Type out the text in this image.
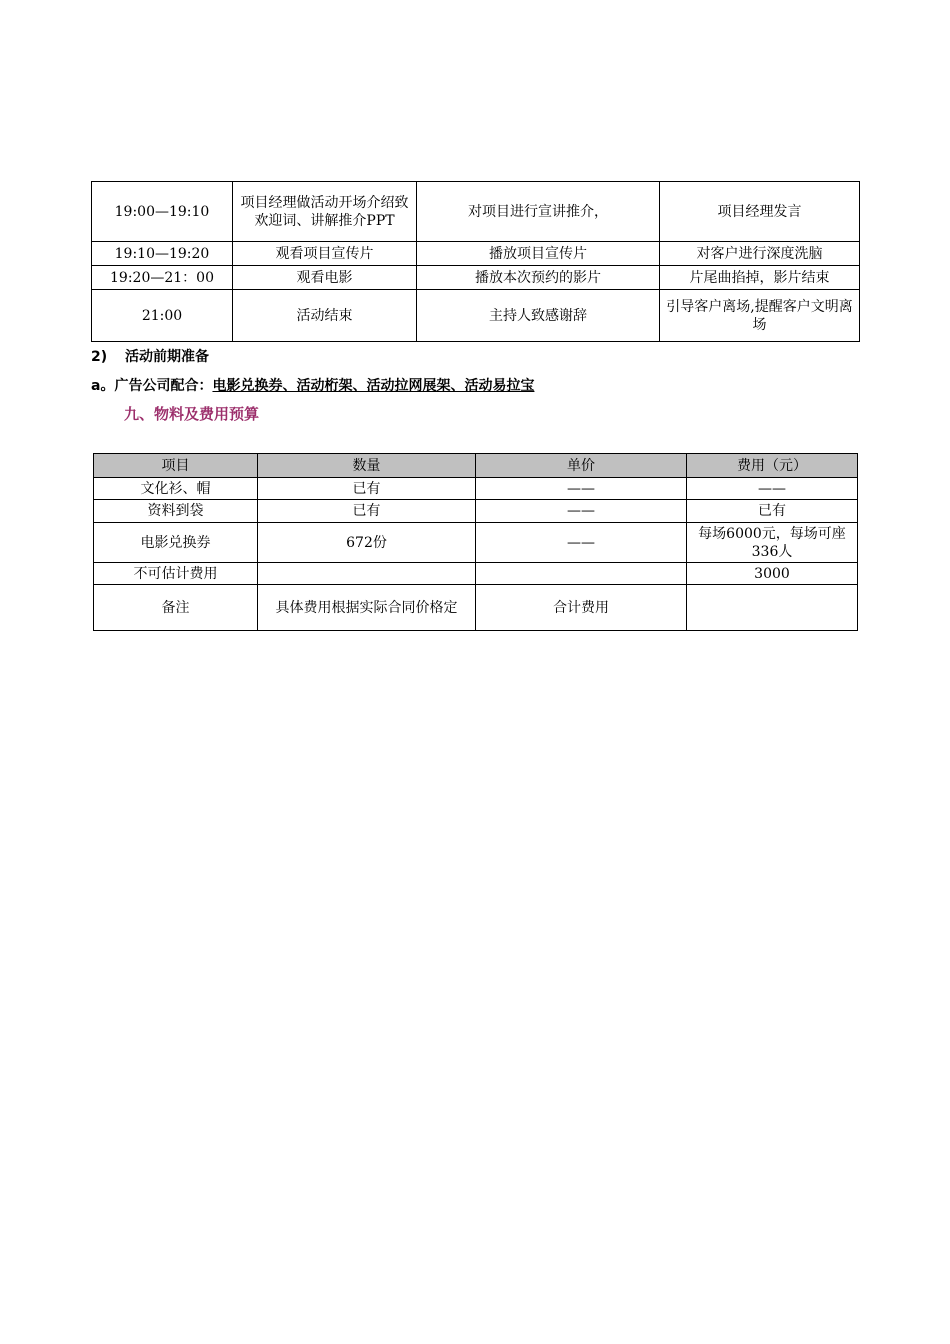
19:00—19:10	项目经理做活动开场介绍致欢迎词、讲解推介PPT	对项目进行宣讲推介，	项目经理发言
19:10—19:20	观看项目宣传片	播放项目宣传片	对客户进行深度洗脑
19:20—21：00	观看电影	播放本次预约的影片	片尾曲掐掉，影片结束
21:00	活动结束	主持人致感谢辞	引导客户离场,提醒客户文明离场
2) 活动前期准备
a。广告公司配合：电影兑换券、活动桁架、活动拉网展架、活动易拉宝
九、物料及费用预算
项目	数量	单价	费用（元）
文化衫、帽	已有	——	——
资料到袋	已有	——	已有
电影兑换券	672份	——	每场6000元，每场可座336人
不可估计费用			3000
备注	具体费用根据实际合同价格定	合计费用	
